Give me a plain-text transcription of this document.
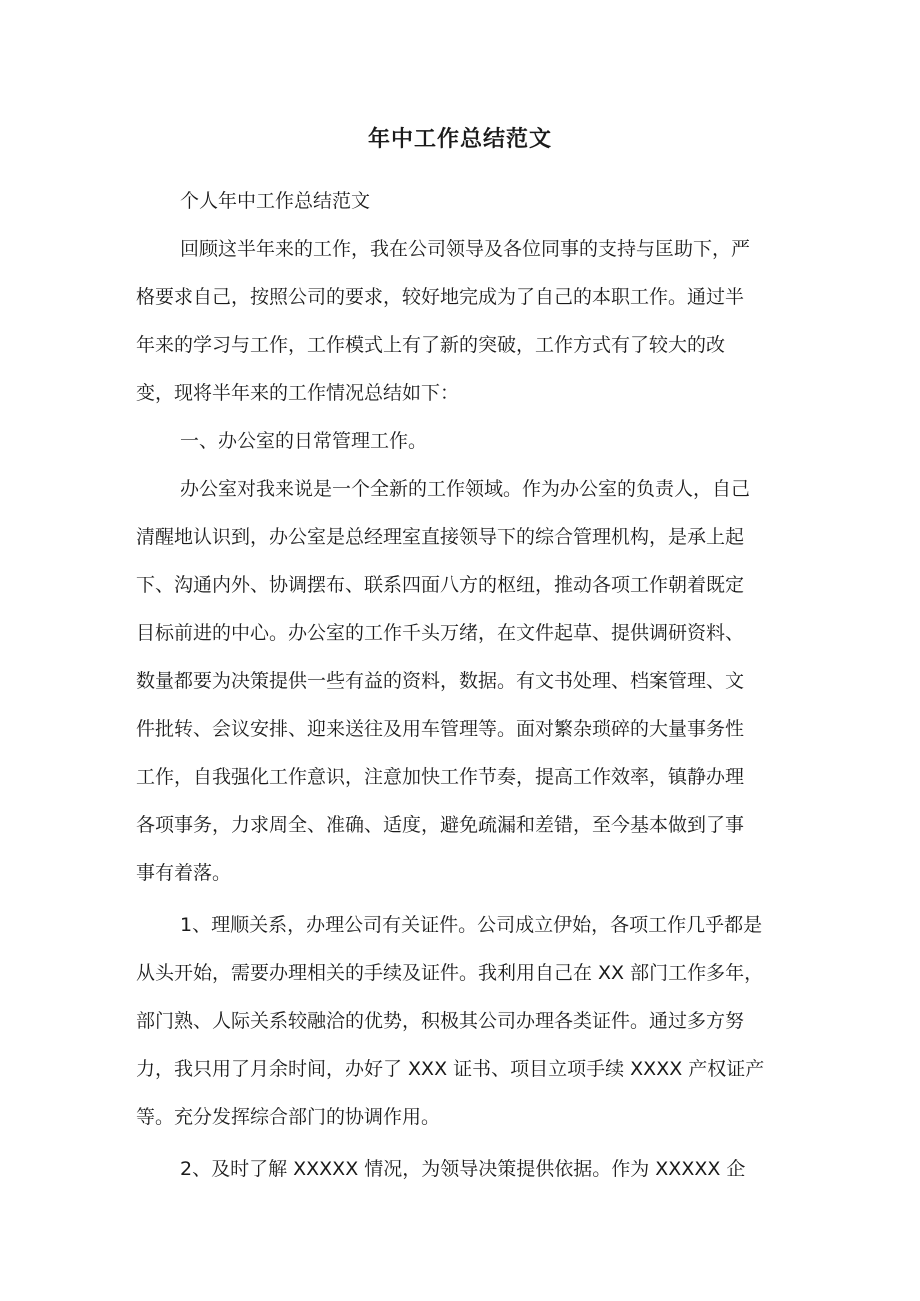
年中工作总结范文
个人年中工作总结范文
回顾这半年来的工作，我在公司领导及各位同事的支持与匡助下，严
格要求自己，按照公司的要求，较好地完成为了自己的本职工作。通过半
年来的学习与工作，工作模式上有了新的突破，工作方式有了较大的改
变，现将半年来的工作情况总结如下：
一、办公室的日常管理工作。
办公室对我来说是一个全新的工作领域。作为办公室的负责人，自己
清醒地认识到，办公室是总经理室直接领导下的综合管理机构，是承上起
下、沟通内外、协调摆布、联系四面八方的枢纽，推动各项工作朝着既定
目标前进的中心。办公室的工作千头万绪，在文件起草、提供调研资料、
数量都要为决策提供一些有益的资料，数据。有文书处理、档案管理、文
件批转、会议安排、迎来送往及用车管理等。面对繁杂琐碎的大量事务性
工作，自我强化工作意识，注意加快工作节奏，提高工作效率，镇静办理
各项事务，力求周全、准确、适度，避免疏漏和差错，至今基本做到了事
事有着落。
1、理顺关系，办理公司有关证件。公司成立伊始，各项工作几乎都是
从头开始，需要办理相关的手续及证件。我利用自己在 XX 部门工作多年，
部门熟、人际关系较融洽的优势，积极其公司办理各类证件。通过多方努
力，我只用了月余时间，办好了 XXX 证书、项目立项手续 XXXX 产权证产
等。充分发挥综合部门的协调作用。
2、及时了解 XXXXX 情况，为领导决策提供依据。作为 XXXXX 企
